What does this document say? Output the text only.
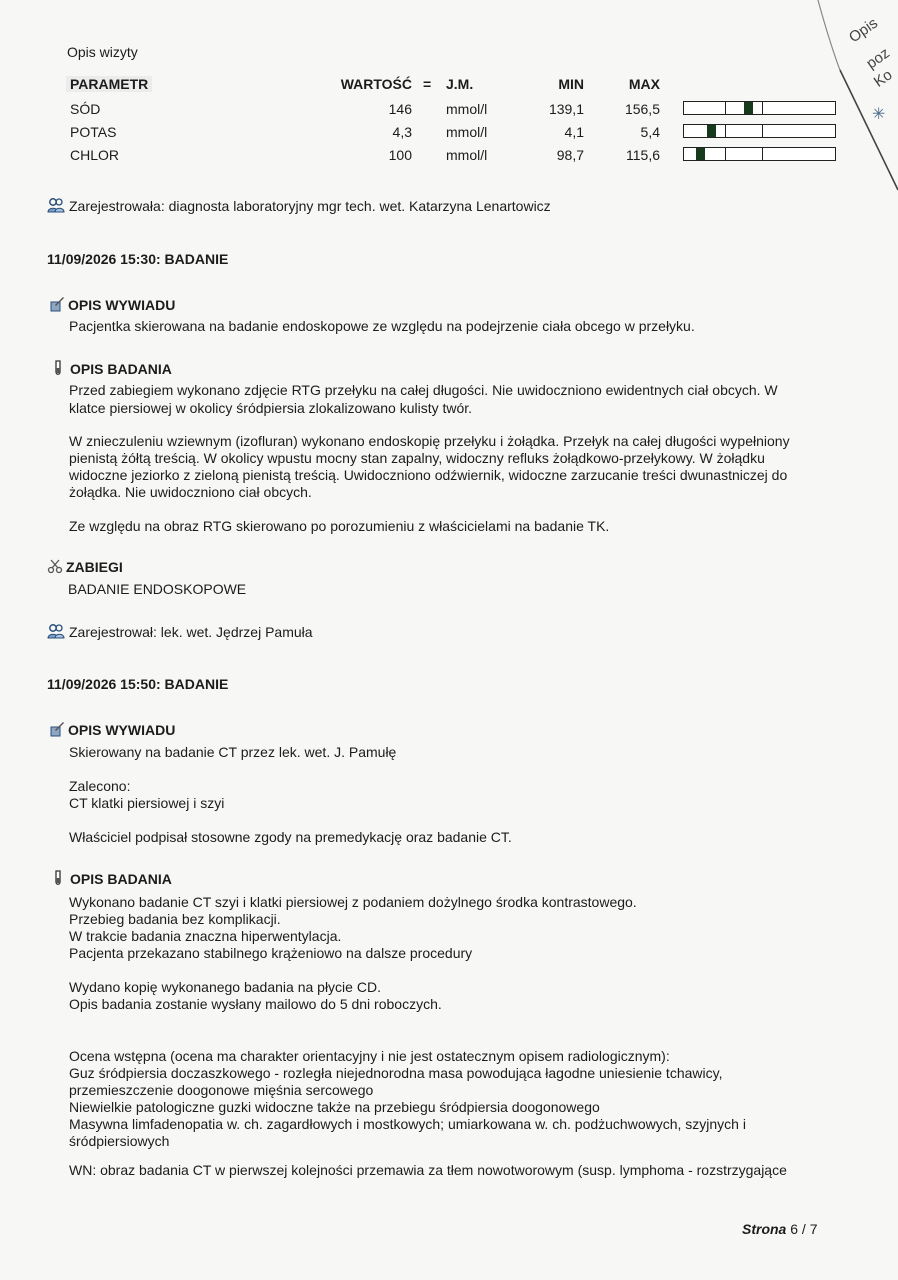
Opis
poz
Ko
✳
Opis wizyty
PARAMETR	WARTOŚĆ = J.M.	MIN	MAX
SÓD	146 mmol/l	139,1	156,5
POTAS	4,3 mmol/l	4,1	5,4
CHLOR	100 mmol/l	98,7	115,6
Zarejestrowała: diagnosta laboratoryjny mgr tech. wet. Katarzyna Lenartowicz
11/09/2026 15:30: BADANIE
OPIS WYWIADU
Pacjentka skierowana na badanie endoskopowe ze względu na podejrzenie ciała obcego w przełyku.
OPIS BADANIA
Przed zabiegiem wykonano zdjęcie RTG przełyku na całej długości. Nie uwidoczniono ewidentnych ciał obcych. W
klatce piersiowej w okolicy śródpiersia zlokalizowano kulisty twór.
W znieczuleniu wziewnym (izofluran) wykonano endoskopię przełyku i żołądka. Przełyk na całej długości wypełniony
pienistą żółtą treścią. W okolicy wpustu mocny stan zapalny, widoczny refluks żołądkowo-przełykowy. W żołądku
widoczne jeziorko z zieloną pienistą treścią. Uwidoczniono odźwiernik, widoczne zarzucanie treści dwunastniczej do
żołądka. Nie uwidoczniono ciał obcych.
Ze względu na obraz RTG skierowano po porozumieniu z właścicielami na badanie TK.
ZABIEGI
BADANIE ENDOSKOPOWE
Zarejestrował: lek. wet. Jędrzej Pamuła
11/09/2026 15:50: BADANIE
OPIS WYWIADU
Skierowany na badanie CT przez lek. wet. J. Pamułę
Zalecono:
CT klatki piersiowej i szyi
Właściciel podpisał stosowne zgody na premedykację oraz badanie CT.
OPIS BADANIA
Wykonano badanie CT szyi i klatki piersiowej z podaniem dożylnego środka kontrastowego.
Przebieg badania bez komplikacji.
W trakcie badania znaczna hiperwentylacja.
Pacjenta przekazano stabilnego krążeniowo na dalsze procedury
Wydano kopię wykonanego badania na płycie CD.
Opis badania zostanie wysłany mailowo do 5 dni roboczych.
Ocena wstępna (ocena ma charakter orientacyjny i nie jest ostatecznym opisem radiologicznym):
Guz śródpiersia doczaszkowego - rozległa niejednorodna masa powodująca łagodne uniesienie tchawicy,
przemieszczenie doogonowe mięśnia sercowego
Niewielkie patologiczne guzki widoczne także na przebiegu śródpiersia doogonowego
Masywna limfadenopatia w. ch. zagardłowych i mostkowych; umiarkowana w. ch. podżuchwowych, szyjnych i
śródpiersiowych
WN: obraz badania CT w pierwszej kolejności przemawia za tłem nowotworowym (susp. lymphoma - rozstrzygające
Strona 6 / 7
